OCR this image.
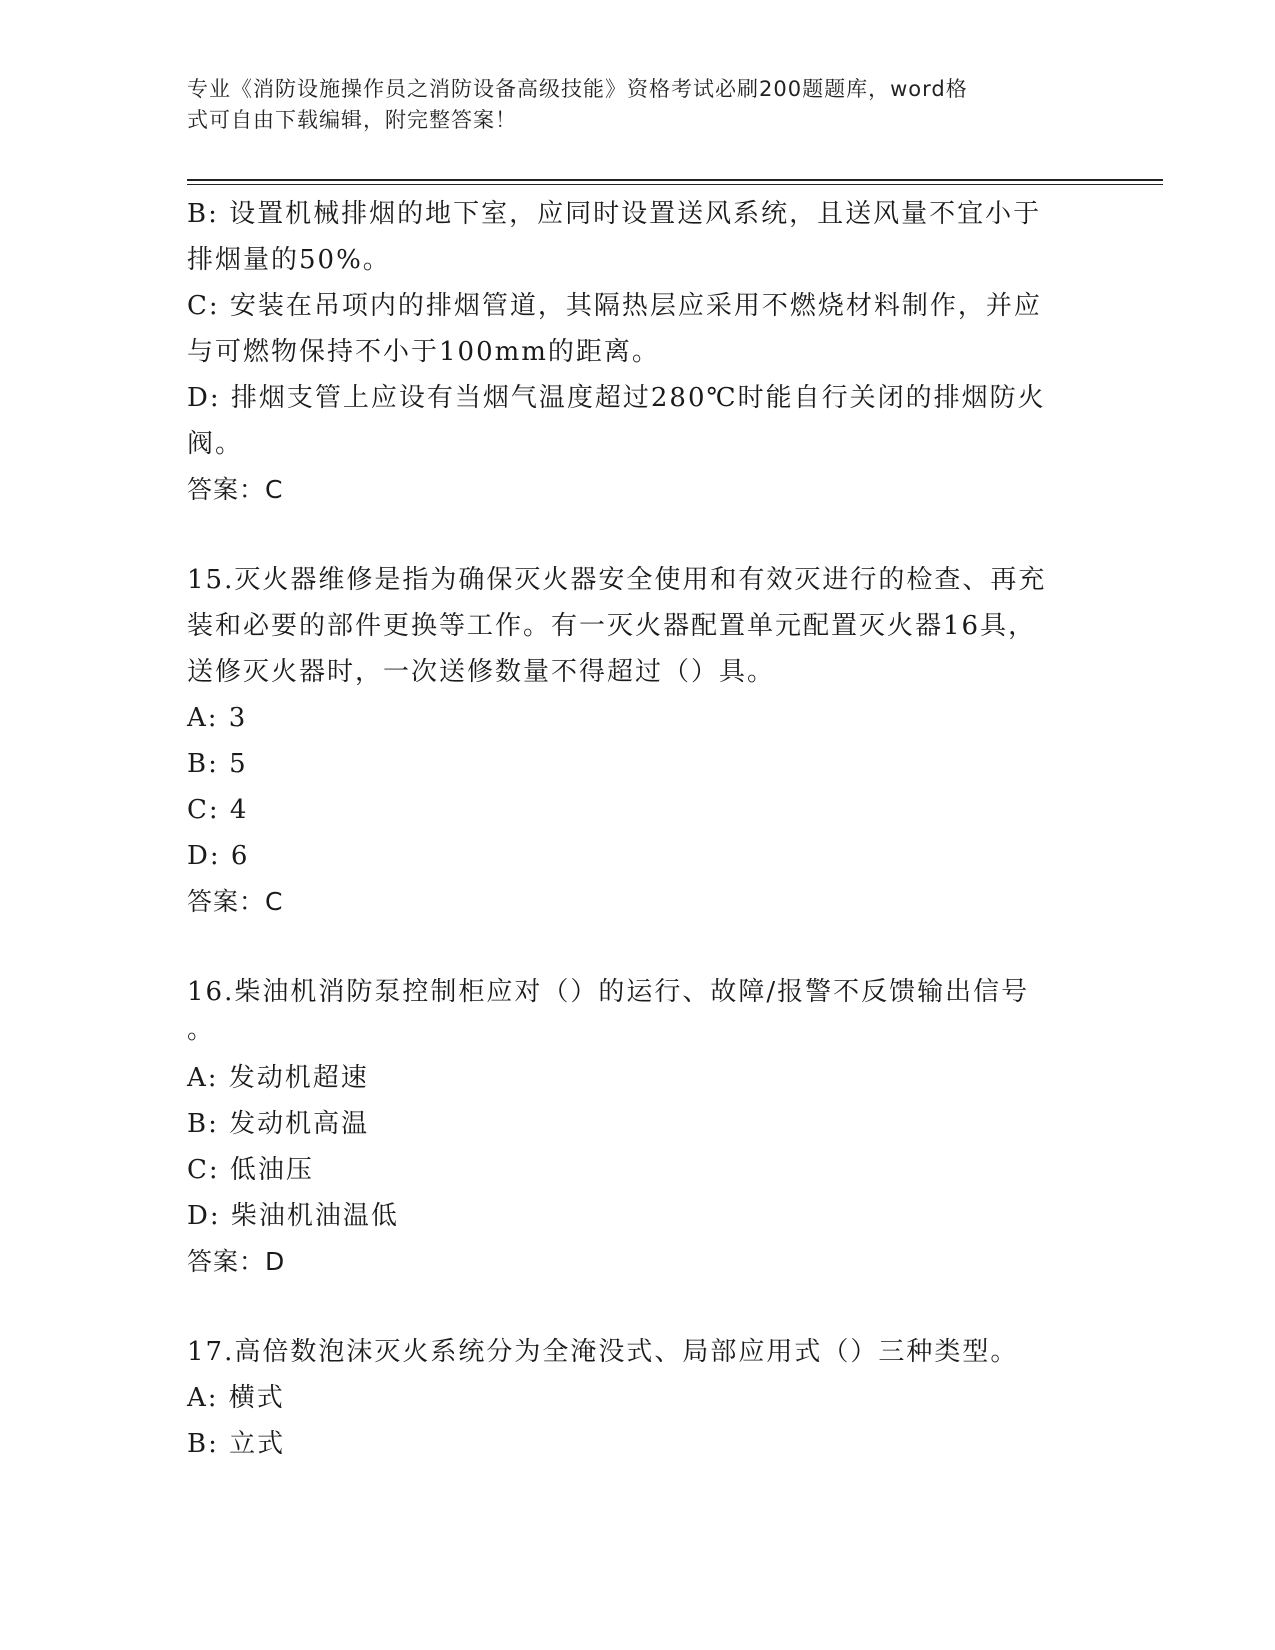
专业《消防设施操作员之消防设备高级技能》资格考试必刷200题题库，word格
式可自由下载编辑，附完整答案！
B: 设置机械排烟的地下室，应同时设置送风系统，且送风量不宜小于
排烟量的50%。
C: 安装在吊项内的排烟管道，其隔热层应采用不燃烧材料制作，并应
与可燃物保持不小于100mm的距离。
D: 排烟支管上应设有当烟气温度超过280℃时能自行关闭的排烟防火
阀。
答案：C
15.灭火器维修是指为确保灭火器安全使用和有效灭进行的检查、再充
装和必要的部件更换等工作。有一灭火器配置单元配置灭火器16具，
送修灭火器时，一次送修数量不得超过（）具。
A: 3
B: 5
C: 4
D: 6
答案：C
16.柴油机消防泵控制柜应对（）的运行、故障/报警不反馈输出信号
。
A: 发动机超速
B: 发动机高温
C: 低油压
D: 柴油机油温低
答案：D
17.高倍数泡沫灭火系统分为全淹没式、局部应用式（）三种类型。
A: 横式
B: 立式
